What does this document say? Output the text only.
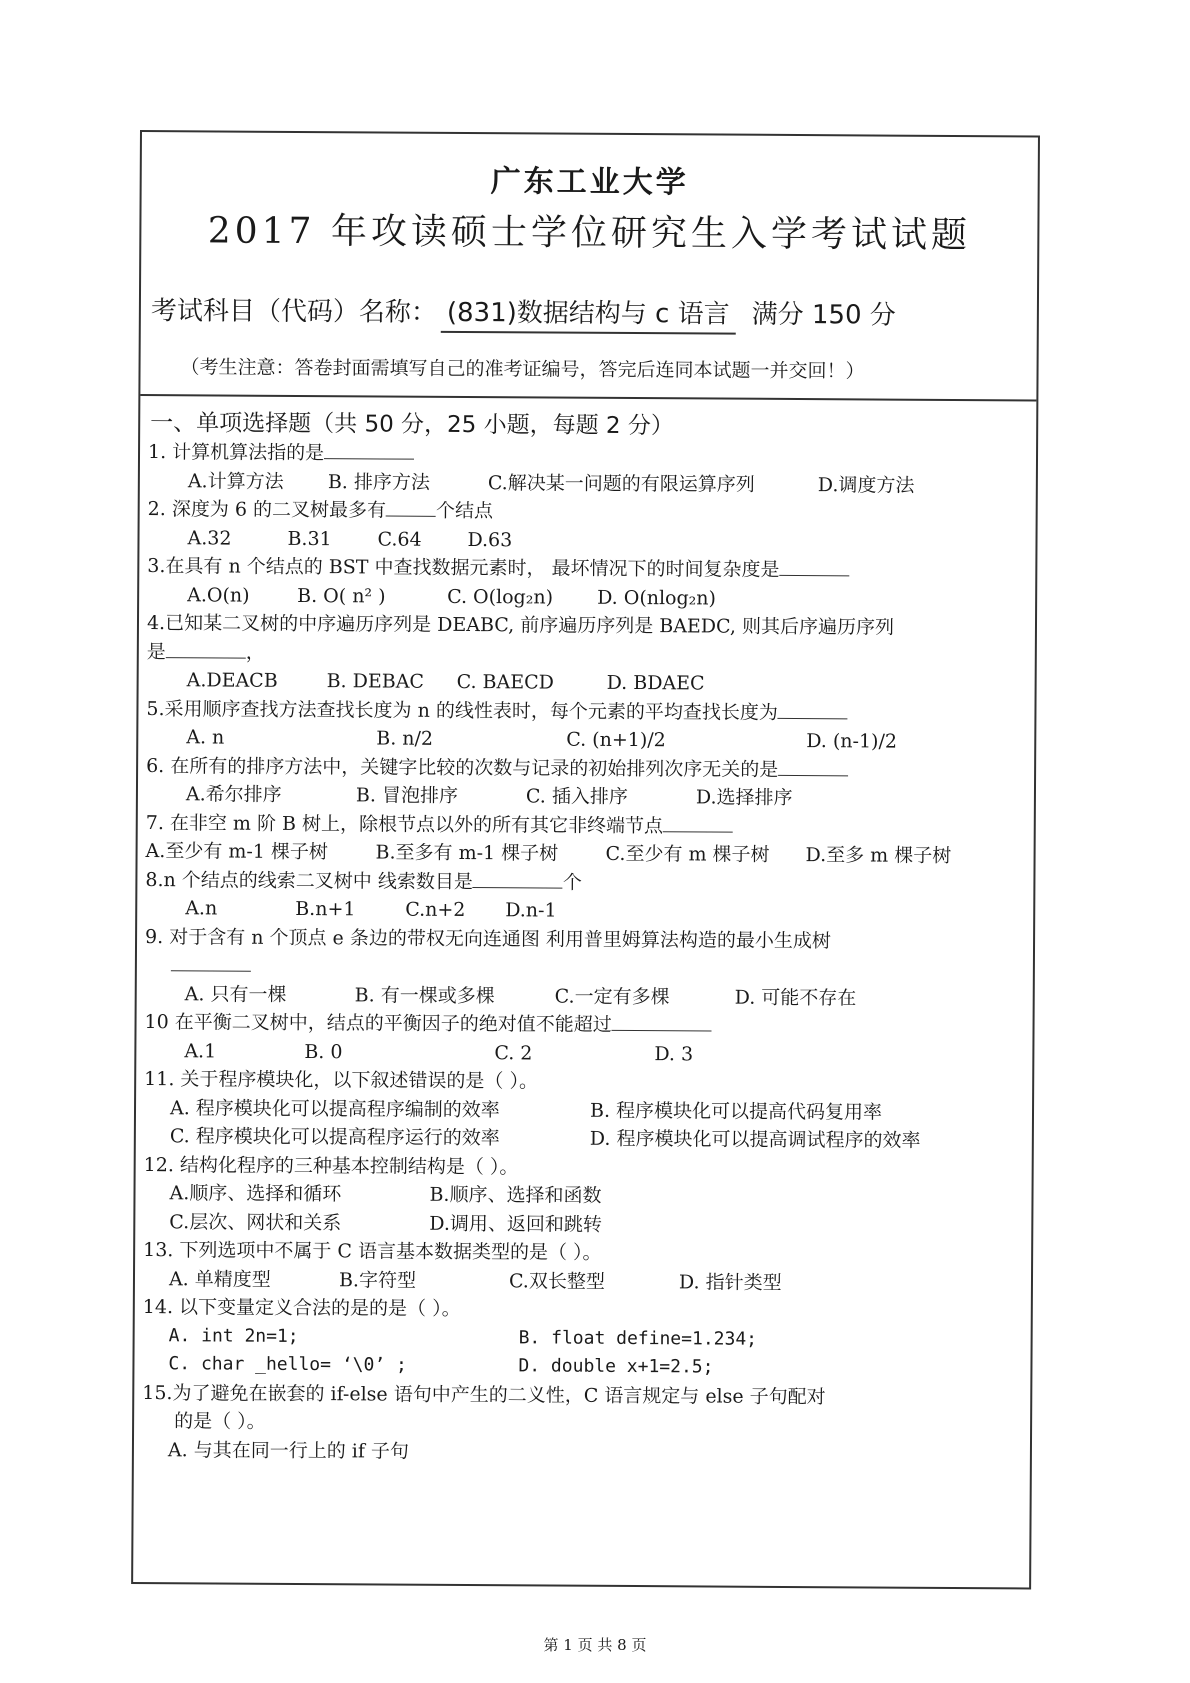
广东工业大学
2017 年攻读硕士学位研究生入学考试试题
考试科目（代码）名称： (831)数据结构与 c 语言 满分 150 分
（考生注意：答卷封面需填写自己的准考证编号，答完后连同本试题一并交回！）
一、单项选择题（共 50 分，25 小题，每题 2 分）
1. 计算机算法指的是
A.计算方法 B. 排序方法	C.解决某一问题的有限运算序列	D.调度方法
2. 深度为 6 的二叉树最多有	个结点
A.32	B.31 C.64 D.63
3.在具有 n 个结点的 BST 中查找数据元素时， 最坏情况下的时间复杂度是
A.O(n) B. O( n² )	C. O(log₂n) D. O(nlog₂n)
4.已知某二叉树的中序遍历序列是 DEABC, 前序遍历序列是 BAEDC, 则其后序遍历序列
是	，
A.DEACB	B. DEBAC C. BAECD	D. BDAEC
5.采用顺序查找方法查找长度为 n 的线性表时，每个元素的平均查找长度为
A. n	B. n/2	C. (n+1)/2	D. (n-1)/2
6. 在所有的排序方法中，关键字比较的次数与记录的初始排列次序无关的是
A.希尔排序	B. 冒泡排序	C. 插入排序	D.选择排序
7. 在非空 m 阶 B 树上，除根节点以外的所有其它非终端节点
A.至少有 m-1 棵子树 B.至多有 m-1 棵子树 C.至少有 m 棵子树 D.至多 m 棵子树
8.n 个结点的线索二叉树中 线索数目是	个
A.n	B.n+1	C.n+2 D.n-1
9. 对于含有 n 个顶点 e 条边的带权无向连通图 利用普里姆算法构造的最小生成树
A. 只有一棵	B. 有一棵或多棵	C.一定有多棵	D. 可能不存在
10 在平衡二叉树中，结点的平衡因子的绝对值不能超过
A.1	B. 0	C. 2	D. 3
11. 关于程序模块化，以下叙述错误的是（ ）。
A. 程序模块化可以提高程序编制的效率	B. 程序模块化可以提高代码复用率
C. 程序模块化可以提高程序运行的效率	D. 程序模块化可以提高调试程序的效率
12. 结构化程序的三种基本控制结构是（ ）。
A.顺序、选择和循环	B.顺序、选择和函数
C.层次、网状和关系	D.调用、返回和跳转
13. 下列选项中不属于 C 语言基本数据类型的是（ ）。
A. 单精度型	B.字符型	C.双长整型	D. 指针类型
14. 以下变量定义合法的是的是（ ）。
A. int 2n=1;	B. float define=1.234;
C. char _hello= ‘\0’ ;	D. double x+1=2.5;
15.为了避免在嵌套的 if-else 语句中产生的二义性，C 语言规定与 else 子句配对
的是（ ）。
A. 与其在同一行上的 if 子句
第 1 页 共 8 页
